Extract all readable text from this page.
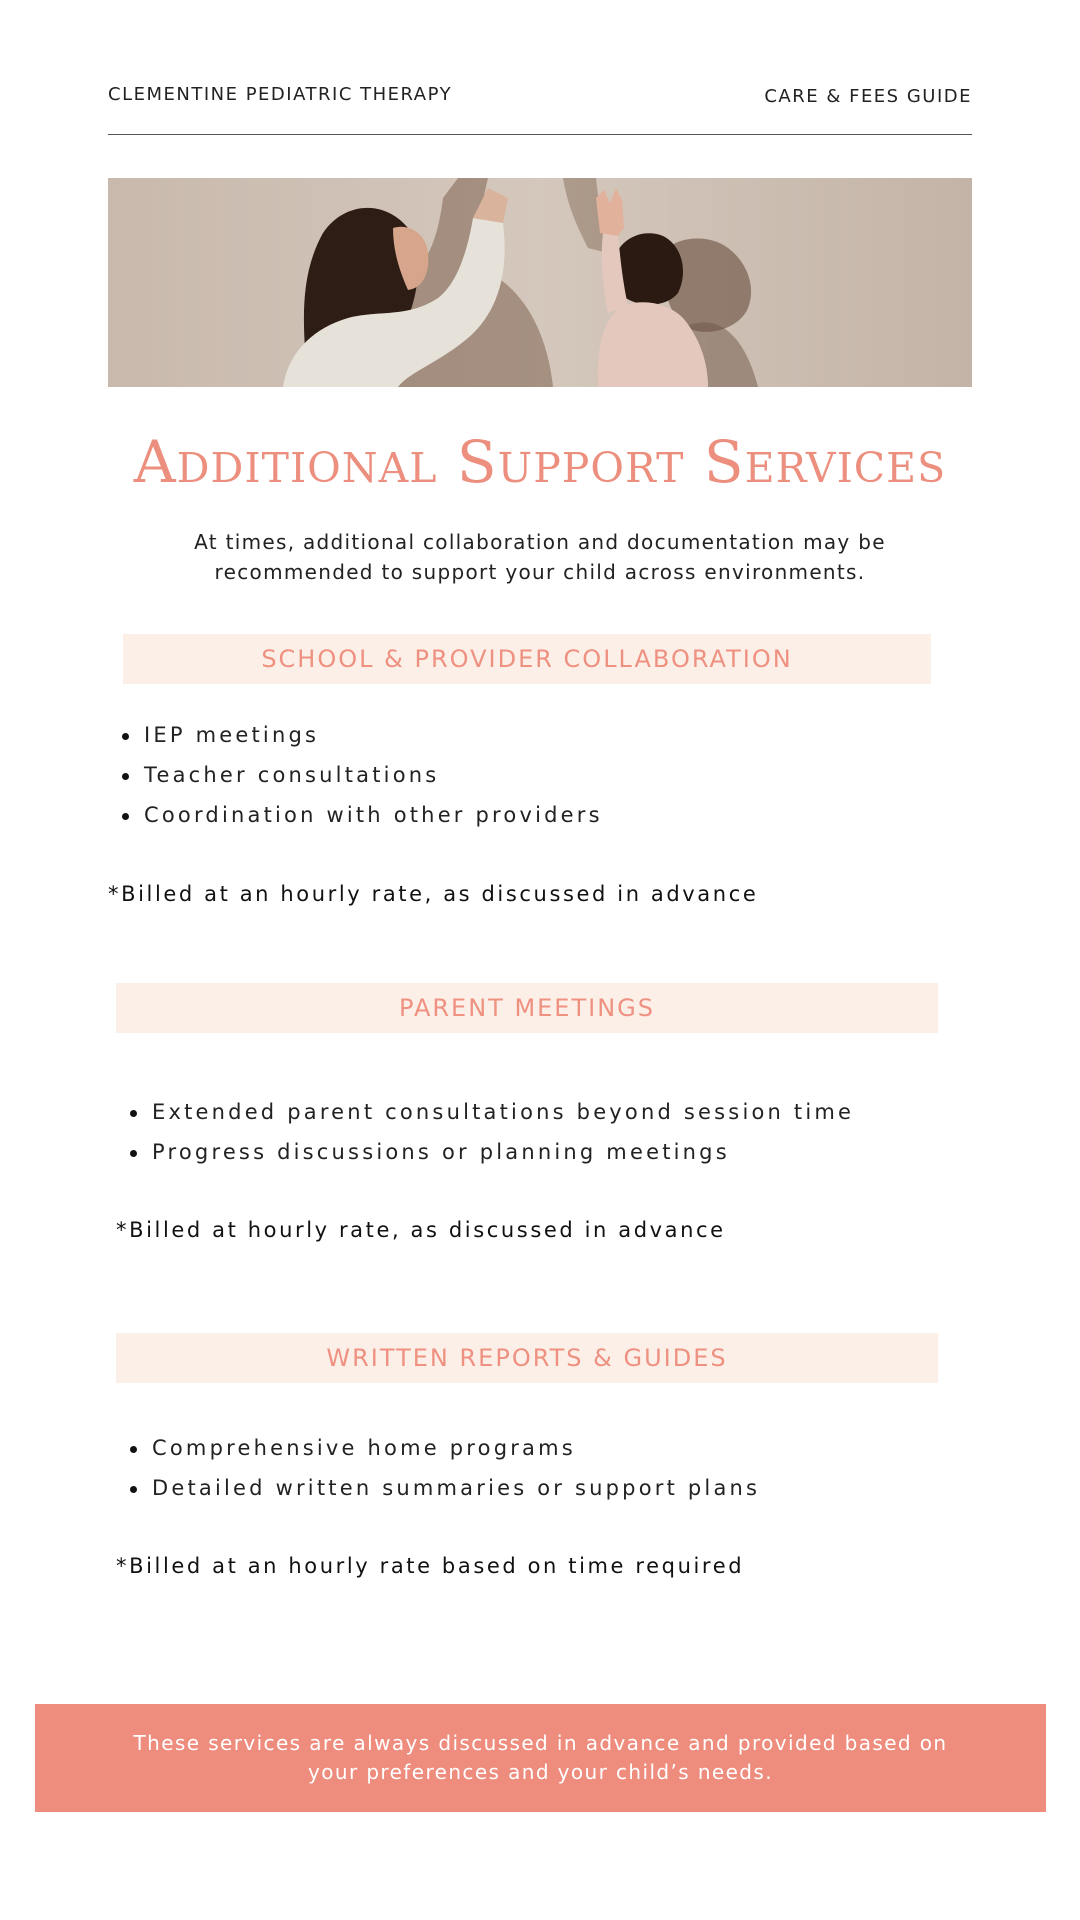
CLEMENTINE PEDIATRIC THERAPY	CARE & FEES GUIDE
Additional Support Services
At times, additional collaboration and documentation may be recommended to support your child across environments.
SCHOOL & PROVIDER COLLABORATION
IEP meetings
Teacher consultations
Coordination with other providers
*Billed at an hourly rate, as discussed in advance
PARENT MEETINGS
Extended parent consultations beyond session time
Progress discussions or planning meetings
*Billed at hourly rate, as discussed in advance
WRITTEN REPORTS & GUIDES
Comprehensive home programs
Detailed written summaries or support plans
*Billed at an hourly rate based on time required
These services are always discussed in advance and provided based on your preferences and your child’s needs.
